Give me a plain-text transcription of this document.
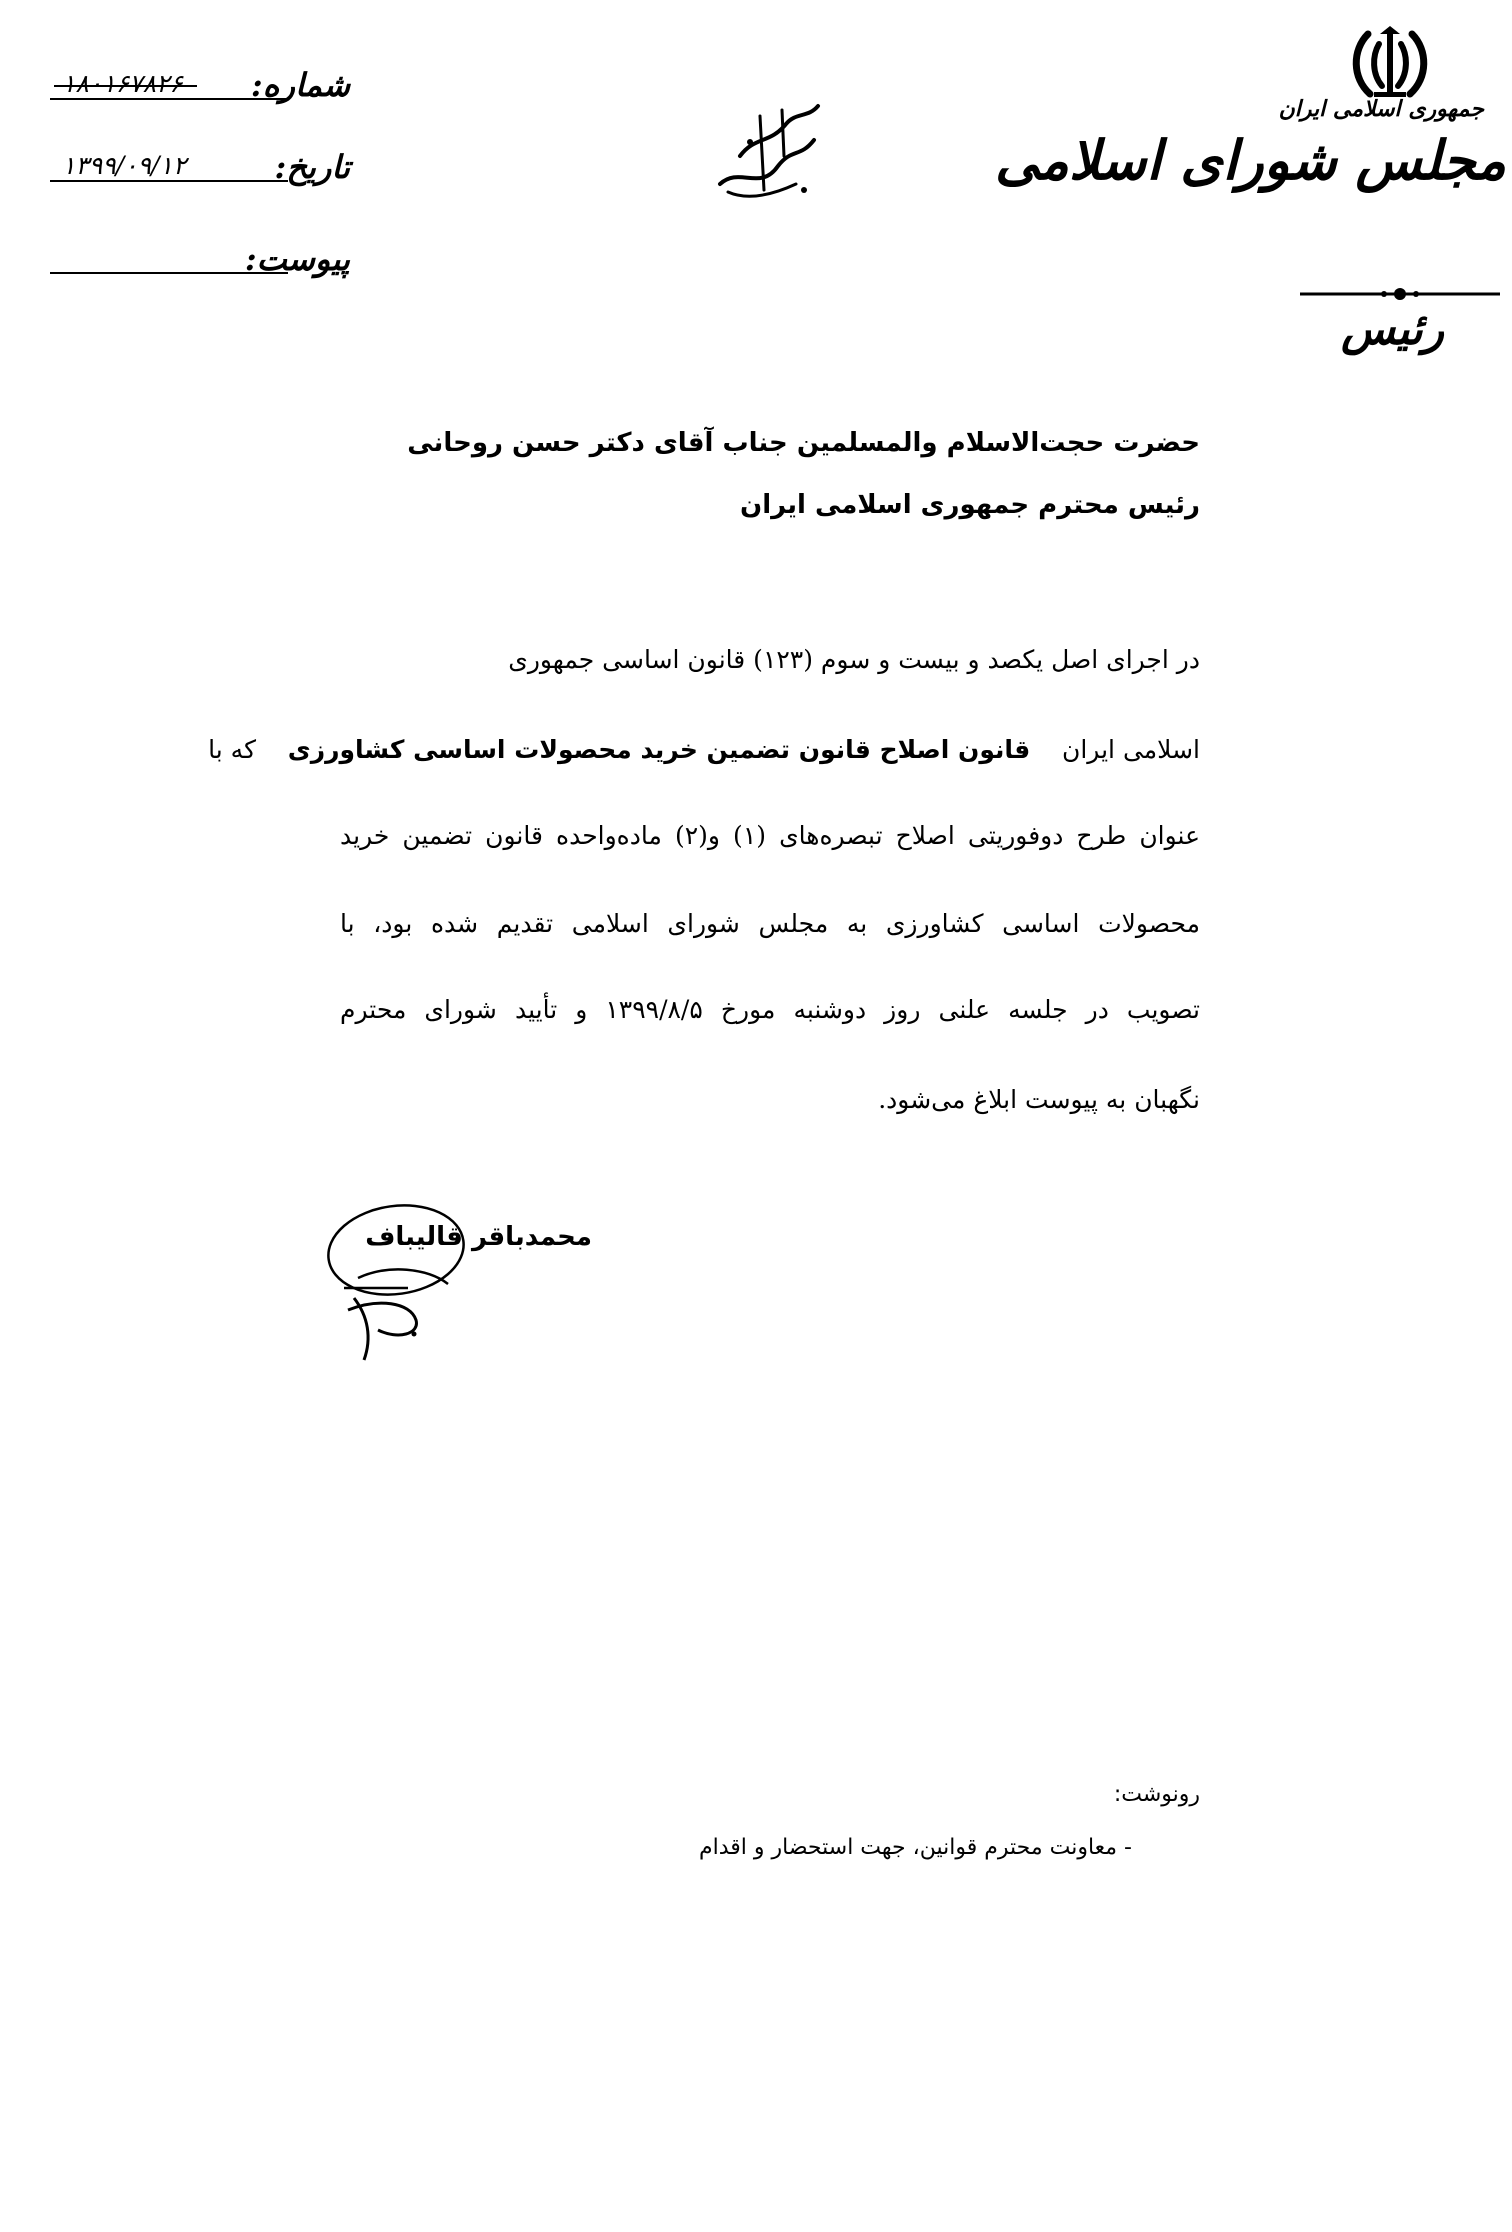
شماره:
۱۸۰۱۶۷۸۲۶
تاریخ:
۱۳۹۹/۰۹/۱۲
پیوست:
جمهوری اسلامی ایران
مجلس شورای اسلامی
رئیس
حضرت حجت‌الاسلام والمسلمین جناب آقای دکتر حسن روحانی
رئیس محترم جمهوری اسلامی ایران
در اجرای اصل یکصد و بیست و سوم (۱۲۳) قانون اساسی جمهوری
اسلامی ایران    قانون اصلاح قانون تضمین خرید محصولات اساسی کشاورزی    که با
عنوان طرح دوفوریتی اصلاح تبصره‌های (۱) و(۲) ماده‌واحده قانون تضمین خرید
محصولات اساسی کشاورزی به مجلس شورای اسلامی تقدیم شده بود، با
تصویب در جلسه علنی روز دوشنبه مورخ ۱۳۹۹/۸/۵ و تأیید شورای محترم
نگهبان به پیوست ابلاغ می‌شود.
محمدباقر قالیباف
رونوشت:
- معاونت محترم قوانین، جهت استحضار و اقدام
